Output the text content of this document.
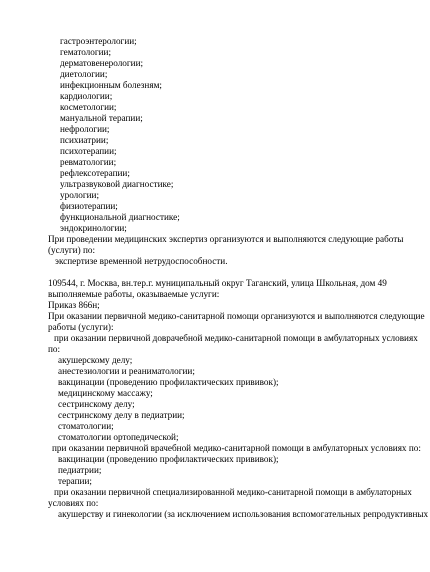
гастроэнтерологии;
гематологии;
дерматовенерологии;
диетологии;
инфекционным болезням;
кардиологии;
косметологии;
мануальной терапии;
нефрологии;
психиатрии;
психотерапии;
ревматологии;
рефлексотерапии;
ультразвуковой диагностике;
урологии;
физиотерапии;
функциональной диагностике;
эндокринологии;
При проведении медицинских экспертиз организуются и выполняются следующие работы
(услуги) по:
экспертизе временной нетрудоспособности.
109544, г. Москва, вн.тер.г. муниципальный округ Таганский, улица Школьная, дом 49
выполняемые работы, оказываемые услуги:
Приказ 866н;
При оказании первичной медико-санитарной помощи организуются и выполняются следующие
работы (услуги):
при оказании первичной доврачебной медико-санитарной помощи в амбулаторных условиях
по:
акушерскому делу;
анестезиологии и реаниматологии;
вакцинации (проведению профилактических прививок);
медицинскому массажу;
сестринскому делу;
сестринскому делу в педиатрии;
стоматологии;
стоматологии ортопедической;
при оказании первичной врачебной медико-санитарной помощи в амбулаторных условиях по:
вакцинации (проведению профилактических прививок);
педиатрии;
терапии;
при оказании первичной специализированной медико-санитарной помощи в амбулаторных
условиях по:
акушерству и гинекологии (за исключением использования вспомогательных репродуктивных
